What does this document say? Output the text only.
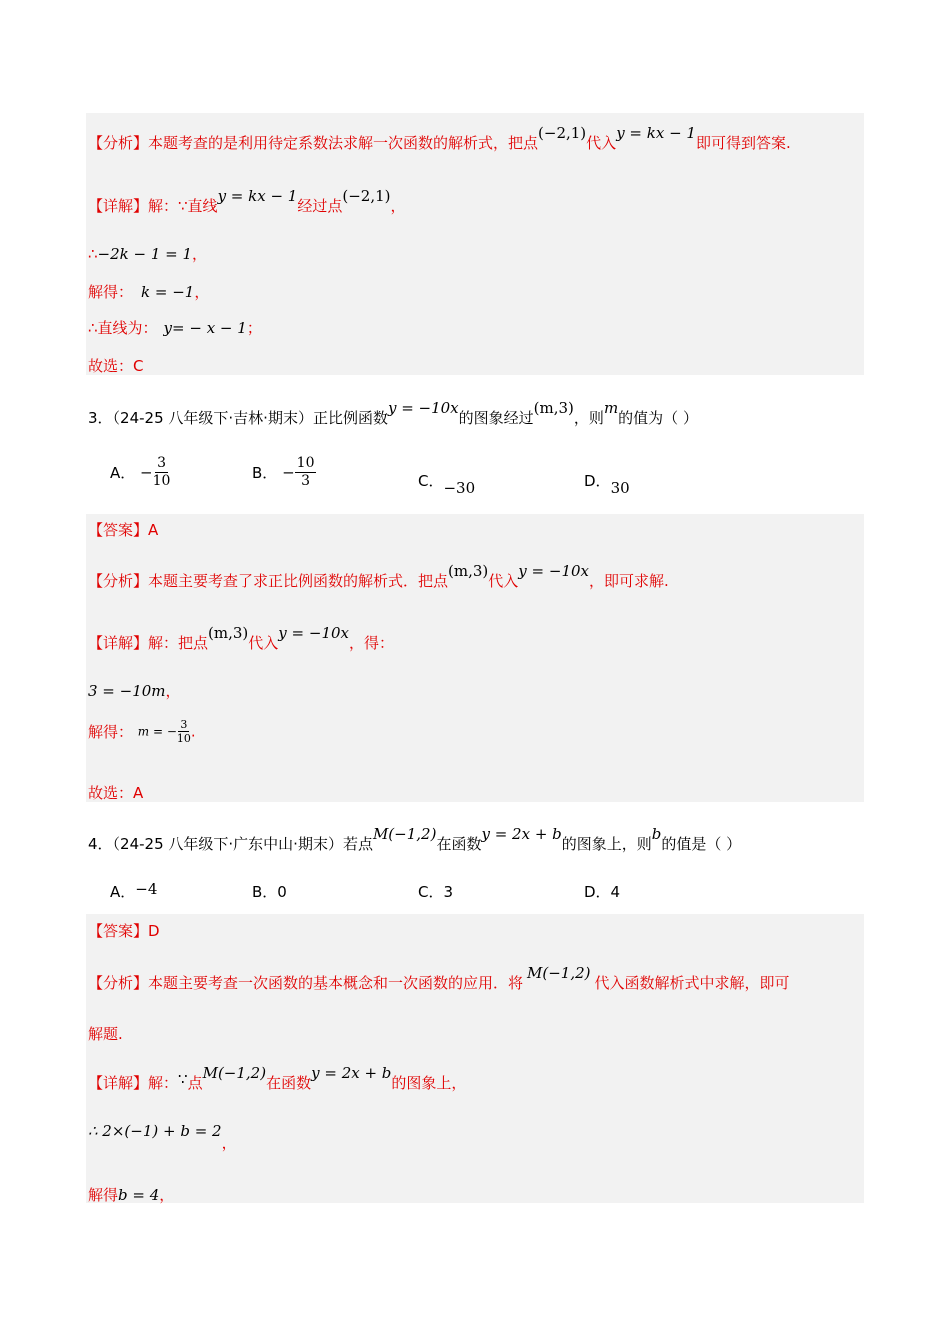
【分析】本题考查的是利用待定系数法求解一次函数的解析式，把点(−2,1)代入y = kx − 1即可得到答案.
【详解】解：∵直线y = kx − 1经过点(−2,1)，
∴−2k − 1 = 1，
解得： k = −1，
∴直线为： y= − x − 1；
故选：C
3．（24-25 八年级下·吉林·期末）正比例函数y = −10x的图象经过(m,3)，则m的值为（ ）
A． − $\frac{3}{10}$	B． − $\frac{10}{3}$	C．−30	D．30
【答案】A
【分析】本题主要考查了求正比例函数的解析式．把点(m,3)代入y = −10x，即可求解.
【详解】解：把点(m,3)代入y = −10x，得：
3 = −10m，
解得： m = − $\frac{3}{10}$ .
故选：A
4．（24-25 八年级下·广东中山·期末）若点M(−1,2)在函数y = 2x + b的图象上，则b的值是（ ）
A．−4	B．0	C．3	D．4
【答案】D
【分析】本题主要考查一次函数的基本概念和一次函数的应用．将M(−1,2)代入函数解析式中求解，即可
解题.
【详解】解：∵点M(−1,2)在函数y = 2x + b的图象上，
∴ 2×(−1) + b = 2，
解得b = 4，
